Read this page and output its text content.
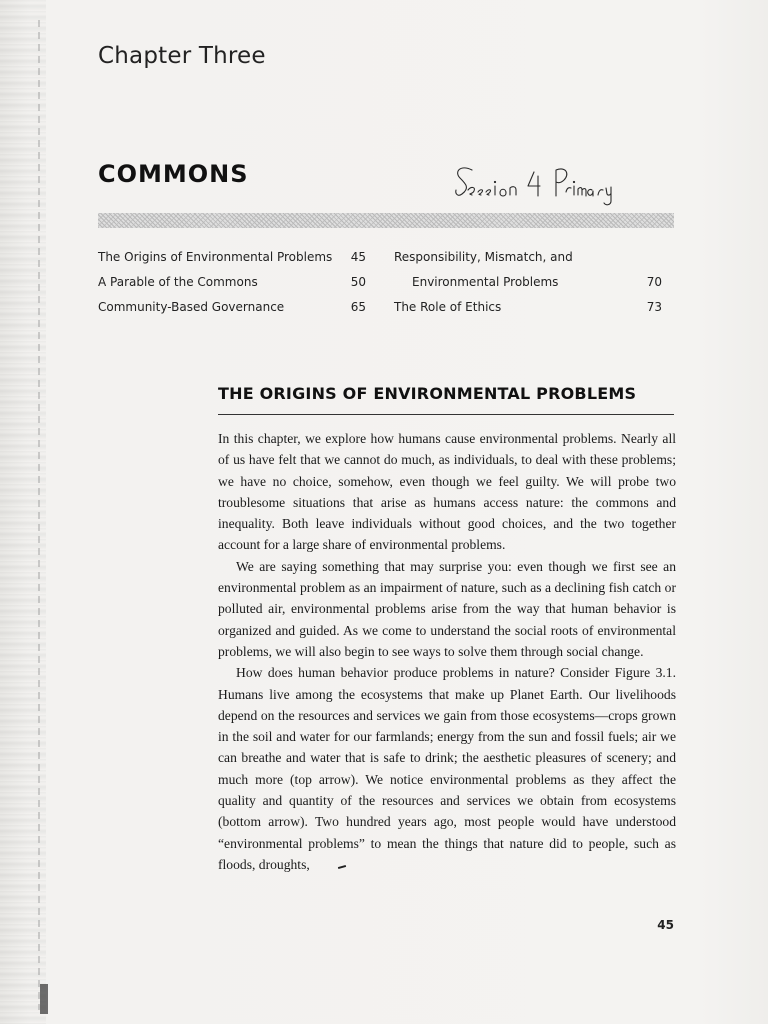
Chapter Three
COMMONS
The Origins of Environmental Problems	45
A Parable of the Commons	50
Community-Based Governance	65
Responsibility, Mismatch, and
Environmental Problems	70
The Role of Ethics	73
THE ORIGINS OF ENVIRONMENTAL PROBLEMS

In this chapter, we explore how humans cause environmental problems. Nearly all of us have felt that we cannot do much, as individuals, to deal with these problems; we have no choice, somehow, even though we feel guilty. We will probe two troublesome situations that arise as humans access nature: the commons and inequality. Both leave individuals without good choices, and the two together account for a large share of environmental problems.

We are saying something that may surprise you: even though we first see an environmental problem as an impairment of nature, such as a declining fish catch or polluted air, environmental problems arise from the way that human behavior is organized and guided. As we come to understand the social roots of environmental problems, we will also begin to see ways to solve them through social change.

How does human behavior produce problems in nature? Consider Figure 3.1. Humans live among the ecosystems that make up Planet Earth. Our livelihoods depend on the resources and services we gain from those ecosystems—crops grown in the soil and water for our farmlands; energy from the sun and fossil fuels; air we can breathe and water that is safe to drink; the aesthetic pleasures of scenery; and much more (top arrow). We notice environmental problems as they affect the quality and quantity of the resources and services we obtain from ecosystems (bottom arrow). Two hundred years ago, most people would have understood “environmental problems” to mean the things that nature did to people, such as floods, droughts,

45
